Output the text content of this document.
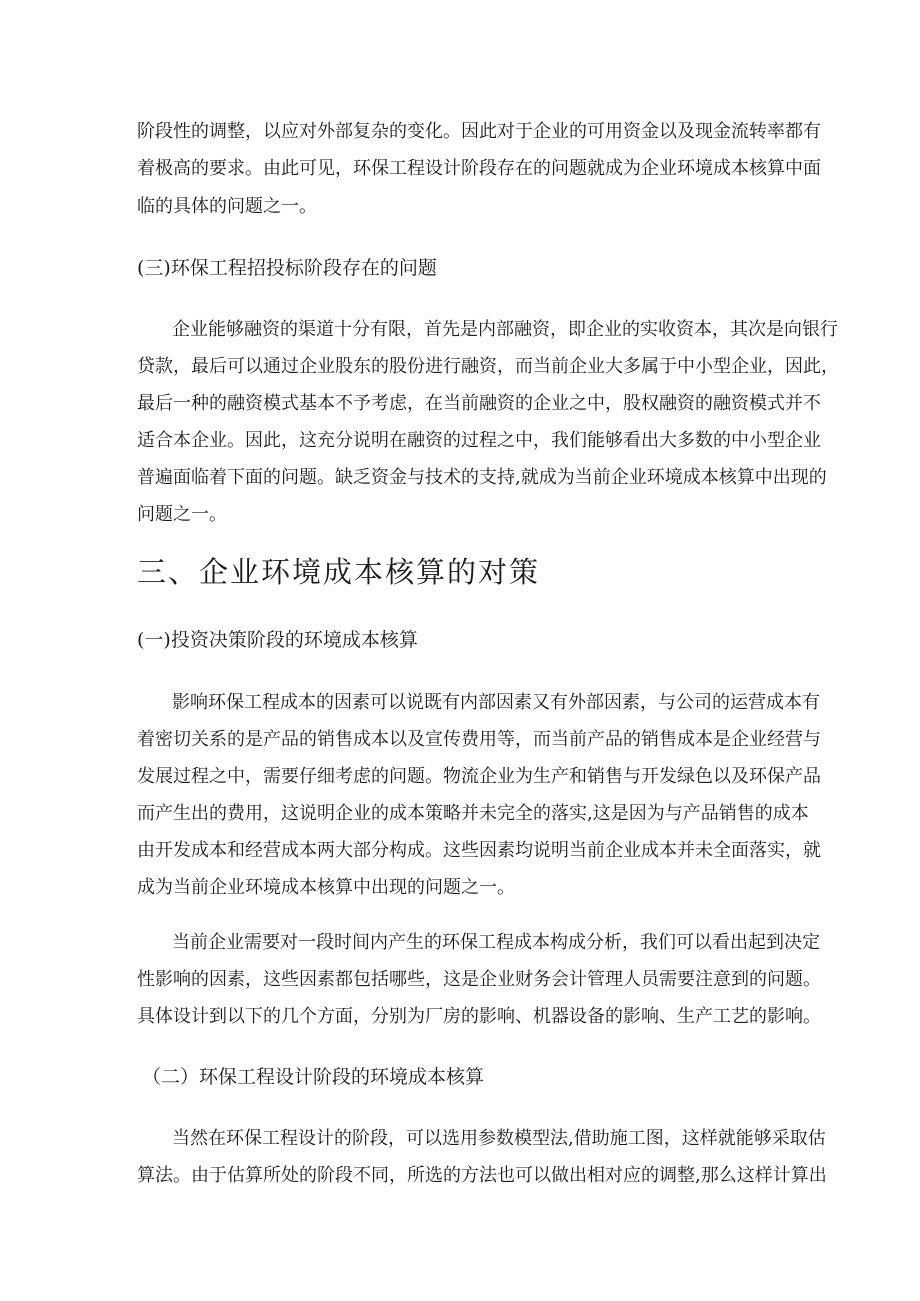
阶段性的调整，以应对外部复杂的变化。因此对于企业的可用资金以及现金流转率都有
着极高的要求。由此可见，环保工程设计阶段存在的问题就成为企业环境成本核算中面
临的具体的问题之一。
(三)环保工程招投标阶段存在的问题
企业能够融资的渠道十分有限，首先是内部融资，即企业的实收资本，其次是向银行
贷款，最后可以通过企业股东的股份进行融资，而当前企业大多属于中小型企业，因此，
最后一种的融资模式基本不予考虑，在当前融资的企业之中，股权融资的融资模式并不
适合本企业。因此，这充分说明在融资的过程之中，我们能够看出大多数的中小型企业
普遍面临着下面的问题。缺乏资金与技术的支持,就成为当前企业环境成本核算中出现的
问题之一。
三、企业环境成本核算的对策
(一)投资决策阶段的环境成本核算
影响环保工程成本的因素可以说既有内部因素又有外部因素，与公司的运营成本有
着密切关系的是产品的销售成本以及宣传费用等，而当前产品的销售成本是企业经营与
发展过程之中，需要仔细考虑的问题。物流企业为生产和销售与开发绿色以及环保产品
而产生出的费用，这说明企业的成本策略并未完全的落实,这是因为与产品销售的成本
由开发成本和经营成本两大部分构成。这些因素均说明当前企业成本并未全面落实，就
成为当前企业环境成本核算中出现的问题之一。
当前企业需要对一段时间内产生的环保工程成本构成分析，我们可以看出起到决定
性影响的因素，这些因素都包括哪些，这是企业财务会计管理人员需要注意到的问题。
具体设计到以下的几个方面，分别为厂房的影响、机器设备的影响、生产工艺的影响。
（二）环保工程设计阶段的环境成本核算
当然在环保工程设计的阶段，可以选用参数模型法,借助施工图，这样就能够采取估
算法。由于估算所处的阶段不同，所选的方法也可以做出相对应的调整,那么这样计算出
